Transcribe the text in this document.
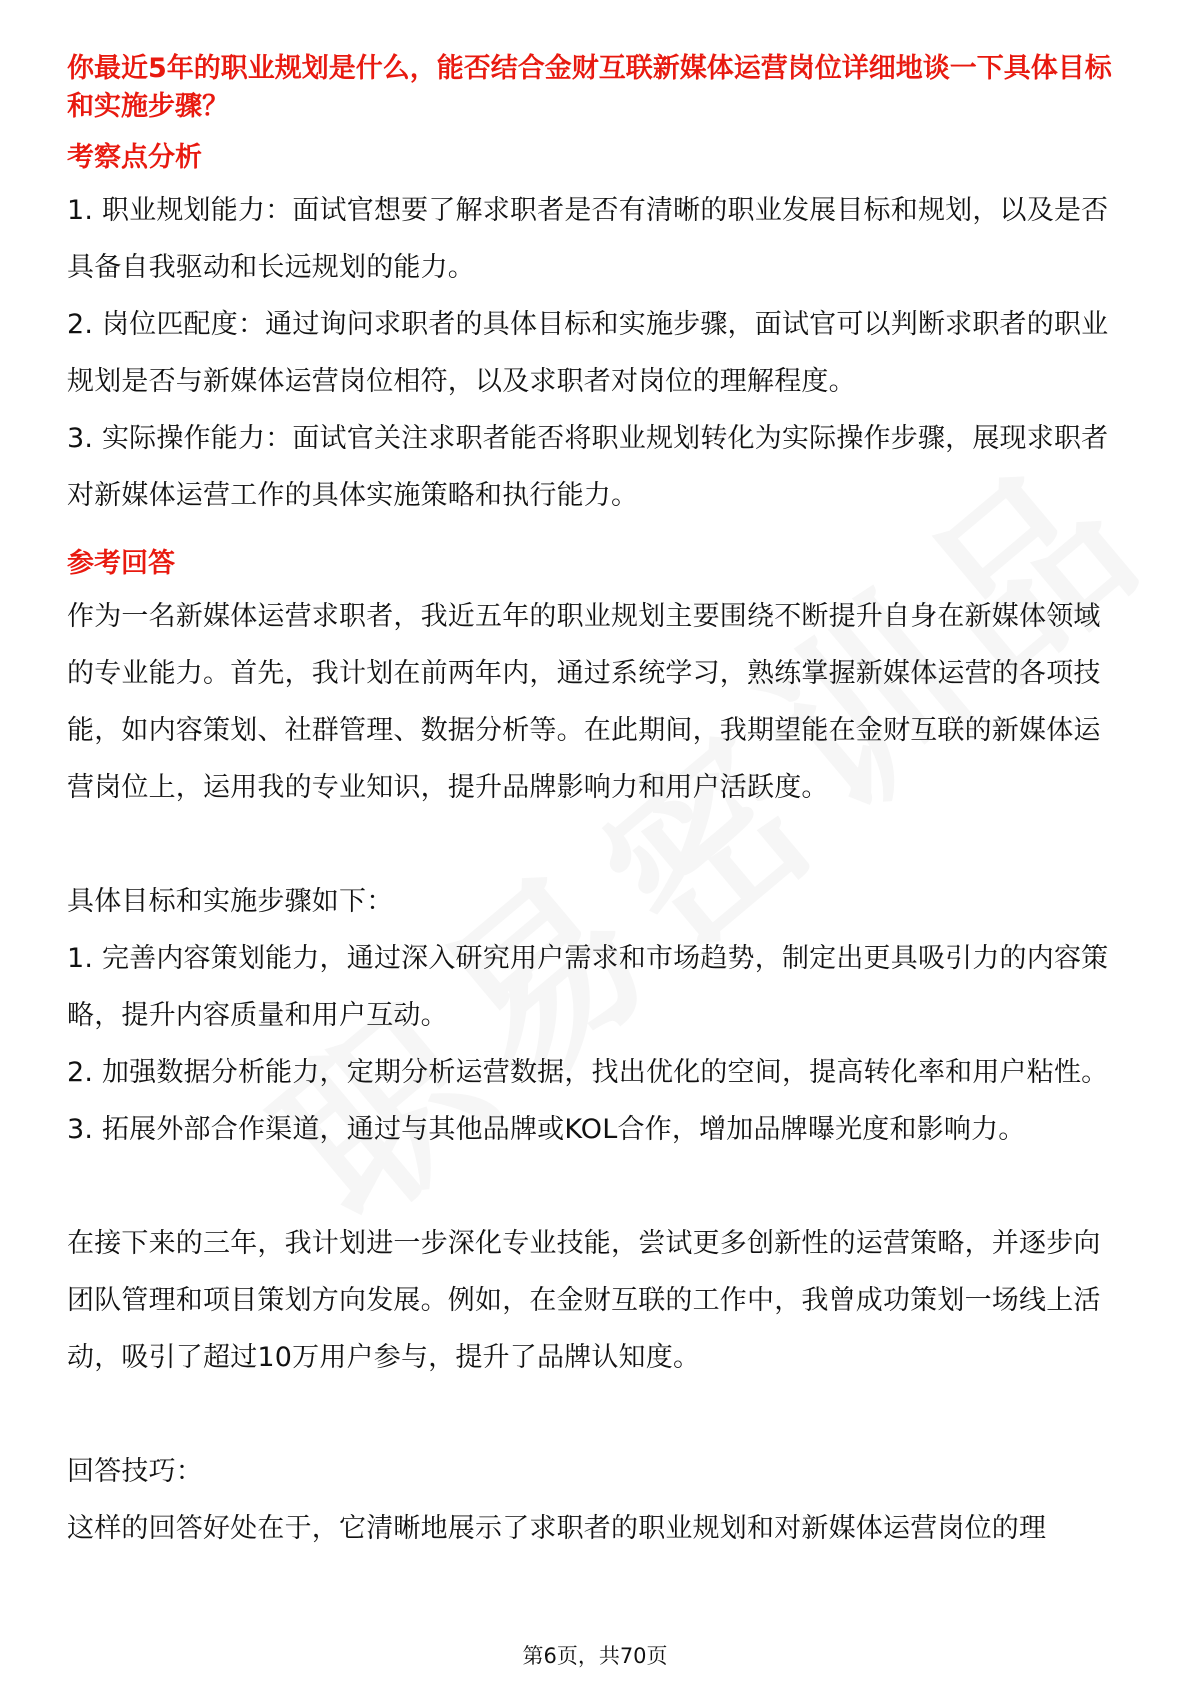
你最近5年的职业规划是什么，能否结合金财互联新媒体运营岗位详细地谈一下具体目标和实施步骤？

考察点分析

1. 职业规划能力：面试官想要了解求职者是否有清晰的职业发展目标和规划，以及是否具备自我驱动和长远规划的能力。

2. 岗位匹配度：通过询问求职者的具体目标和实施步骤，面试官可以判断求职者的职业规划是否与新媒体运营岗位相符，以及求职者对岗位的理解程度。

3. 实际操作能力：面试官关注求职者能否将职业规划转化为实际操作步骤，展现求职者对新媒体运营工作的具体实施策略和执行能力。

参考回答

作为一名新媒体运营求职者，我近五年的职业规划主要围绕不断提升自身在新媒体领域的专业能力。首先，我计划在前两年内，通过系统学习，熟练掌握新媒体运营的各项技能，如内容策划、社群管理、数据分析等。在此期间，我期望能在金财互联的新媒体运营岗位上，运用我的专业知识，提升品牌影响力和用户活跃度。

具体目标和实施步骤如下：

1. 完善内容策划能力，通过深入研究用户需求和市场趋势，制定出更具吸引力的内容策略，提升内容质量和用户互动。

2. 加强数据分析能力，定期分析运营数据，找出优化的空间，提高转化率和用户粘性。

3. 拓展外部合作渠道，通过与其他品牌或KOL合作，增加品牌曝光度和影响力。

在接下来的三年，我计划进一步深化专业技能，尝试更多创新性的运营策略，并逐步向团队管理和项目策划方向发展。例如，在金财互联的工作中，我曾成功策划一场线上活动，吸引了超过10万用户参与，提升了品牌认知度。

回答技巧：

这样的回答好处在于，它清晰地展示了求职者的职业规划和对新媒体运营岗位的理

第6页，共70页
